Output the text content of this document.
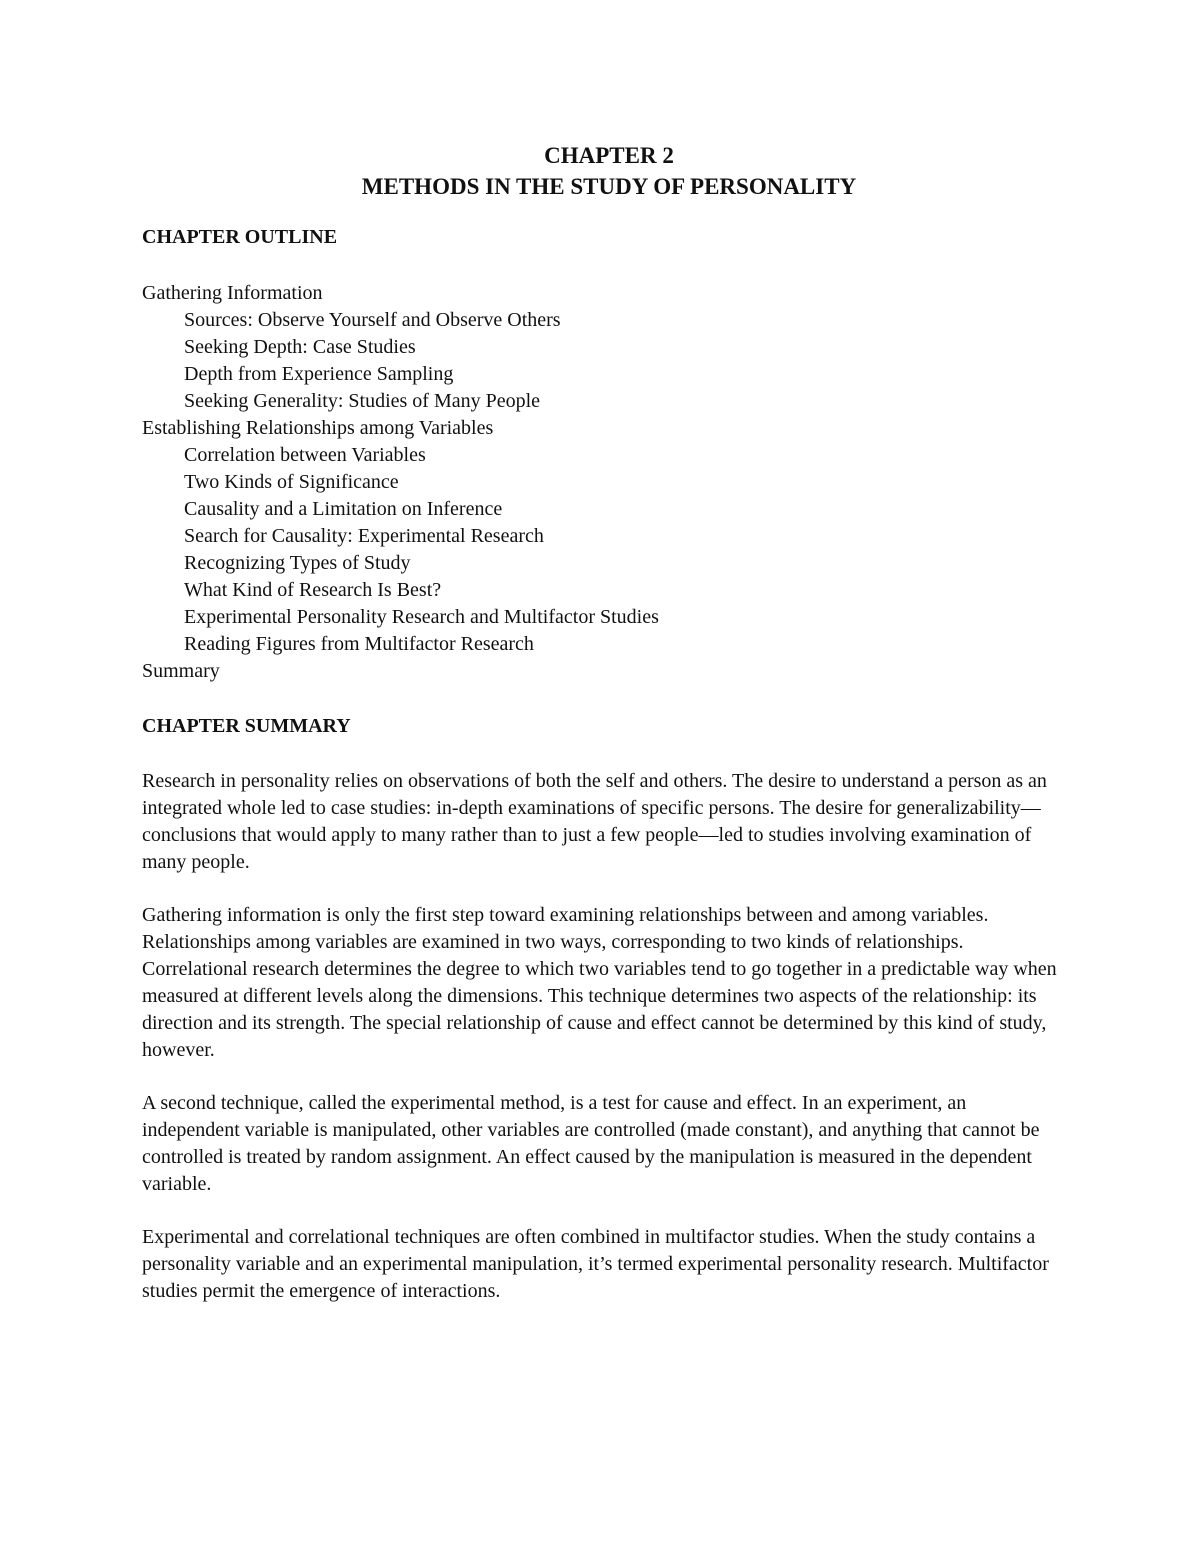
CHAPTER 2

METHODS IN THE STUDY OF PERSONALITY

CHAPTER OUTLINE

Gathering Information
Sources: Observe Yourself and Observe Others
Seeking Depth: Case Studies
Depth from Experience Sampling
Seeking Generality: Studies of Many People
Establishing Relationships among Variables
Correlation between Variables
Two Kinds of Significance
Causality and a Limitation on Inference
Search for Causality: Experimental Research
Recognizing Types of Study
What Kind of Research Is Best?
Experimental Personality Research and Multifactor Studies
Reading Figures from Multifactor Research
Summary

CHAPTER SUMMARY

Research in personality relies on observations of both the self and others. The desire to understand a person as an integrated whole led to case studies: in-depth examinations of specific persons. The desire for generalizability—conclusions that would apply to many rather than to just a few people—led to studies involving examination of many people.

Gathering information is only the first step toward examining relationships between and among variables. Relationships among variables are examined in two ways, corresponding to two kinds of relationships. Correlational research determines the degree to which two variables tend to go together in a predictable way when measured at different levels along the dimensions. This technique determines two aspects of the relationship: its direction and its strength. The special relationship of cause and effect cannot be determined by this kind of study, however.

A second technique, called the experimental method, is a test for cause and effect. In an experiment, an independent variable is manipulated, other variables are controlled (made constant), and anything that cannot be controlled is treated by random assignment. An effect caused by the manipulation is measured in the dependent variable.

Experimental and correlational techniques are often combined in multifactor studies. When the study contains a personality variable and an experimental manipulation, it’s termed experimental personality research. Multifactor studies permit the emergence of interactions.
